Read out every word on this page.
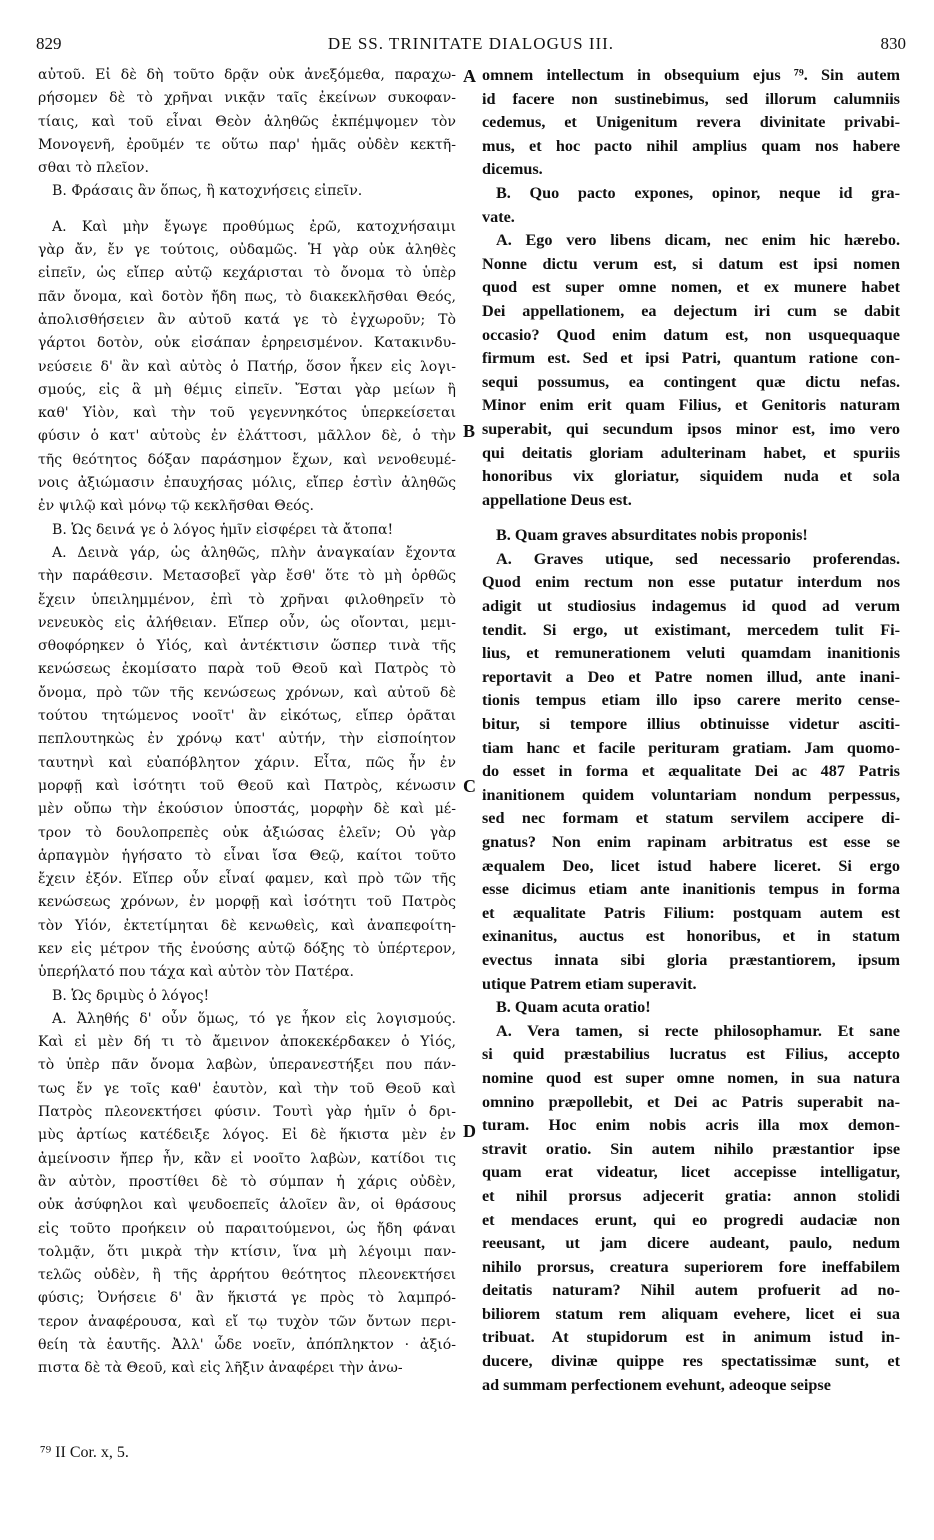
829	DE SS. TRINITATE DIALOGUS III.	830
αὐτοῦ. Εἰ δὲ δὴ τοῦτο δρᾷν οὐκ ἀνεξόμεθα, παραχω-
ρήσομεν δὲ τὸ χρῆναι νικᾷν ταῖς ἐκείνων συκοφαν-
τίαις, καὶ τοῦ εἶναι Θεὸν ἀληθῶς ἐκπέμψομεν τὸν
Μονογενῆ, ἐροῦμέν τε οὕτω παρ' ἡμᾶς οὐδὲν κεκτῆ-
σθαι τὸ πλεῖον.
Β. Φράσαις ἂν ὅπως, ἢ κατοχνήσεις εἰπεῖν.
Α. Καὶ μὴν ἔγωγε προθύμως ἐρῶ, κατοχνήσαιμι
γὰρ ἄν, ἔν γε τούτοις, οὐδαμῶς. Ἡ γὰρ οὐκ ἀληθὲς
εἰπεῖν, ὡς εἴπερ αὐτῷ κεχάρισται τὸ ὄνομα τὸ ὑπὲρ
πᾶν ὄνομα, καὶ δοτὸν ἤδη πως, τὸ διακεκλῆσθαι Θεός,
ἀπολισθήσειεν ἂν αὐτοῦ κατά γε τὸ ἐγχωροῦν; Τὸ
γάρτοι δοτὸν, οὐκ εἰσάπαν ἐρηρεισμένον. Κατακινδυ-
νεύσειε δ' ἂν καὶ αὐτὸς ὁ Πατήρ, ὅσον ἦκεν εἰς λογι-
σμούς, εἰς ἃ μὴ θέμις εἰπεῖν. Ἔσται γὰρ μείων ἢ
καθ' Υἱὸν, καὶ τὴν τοῦ γεγεννηκότος ὑπερκείσεται
φύσιν ὁ κατ' αὐτοὺς ἐν ἐλάττοσι, μᾶλλον δὲ, ὁ τὴν
τῆς θεότητος δόξαν παράσημον ἔχων, καὶ νενοθευμέ-
νοις ἀξιώμασιν ἐπαυχήσας μόλις, εἴπερ ἐστὶν ἀληθῶς
ἐν ψιλῷ καὶ μόνῳ τῷ κεκλῆσθαι Θεός.
Β. Ὡς δεινά γε ὁ λόγος ἡμῖν εἰσφέρει τὰ ἄτοπα!
Α. Δεινὰ γάρ, ὡς ἀληθῶς, πλὴν ἀναγκαίαν ἔχοντα
τὴν παράθεσιν. Μετασοβεῖ γὰρ ἔσθ' ὅτε τὸ μὴ ὀρθῶς
ἔχειν ὑπειλημμένον, ἐπὶ τὸ χρῆναι φιλοθηρεῖν τὸ
νενευκὸς εἰς ἀλήθειαν. Εἴπερ οὖν, ὡς οἴονται, μεμι-
σθοφόρηκεν ὁ Υἱός, καὶ ἀντέκτισιν ὥσπερ τινὰ τῆς
κενώσεως ἐκομίσατο παρὰ τοῦ Θεοῦ καὶ Πατρὸς τὸ
ὄνομα, πρὸ τῶν τῆς κενώσεως χρόνων, καὶ αὐτοῦ δὲ
τούτου τητώμενος νοοῖτ' ἂν εἰκότως, εἴπερ ὁρᾶται
πεπλουτηκὼς ἐν χρόνῳ κατ' αὐτήν, τὴν εἰσποίητον
ταυτηνὶ καὶ εὐαπόβλητον χάριν. Εἶτα, πῶς ἦν ἐν
μορφῇ καὶ ἰσότητι τοῦ Θεοῦ καὶ Πατρὸς, κένωσιν
μὲν οὔπω τὴν ἑκούσιον ὑποστάς, μορφὴν δὲ καὶ μέ-
τρον τὸ δουλοπρεπὲς οὐκ ἀξιώσας ἑλεῖν; Οὐ γὰρ
ἁρπαγμὸν ἡγήσατο τὸ εἶναι ἴσα Θεῷ, καίτοι τοῦτο
ἔχειν ἐξόν. Εἴπερ οὖν εἶναί φαμεν, καὶ πρὸ τῶν τῆς
κενώσεως χρόνων, ἐν μορφῇ καὶ ἰσότητι τοῦ Πατρὸς
τὸν Υἱόν, ἐκτετίμηται δὲ κενωθεὶς, καὶ ἀναπεφοίτη-
κεν εἰς μέτρον τῆς ἐνούσης αὐτῷ δόξης τὸ ὑπέρτερον,
ὑπερήλατό που τάχα καὶ αὐτὸν τὸν Πατέρα.
Β. Ὡς δριμὺς ὁ λόγος!
Α. Ἀληθής δ' οὖν ὅμως, τό γε ἧκον εἰς λογισμούς.
Καὶ εἰ μὲν δή τι τὸ ἄμεινον ἀποκεκέρδακεν ὁ Υἱός,
τὸ ὑπὲρ πᾶν ὄνομα λαβὼν, ὑπερανεστήξει που πάν-
τως ἔν γε τοῖς καθ' ἑαυτὸν, καὶ τὴν τοῦ Θεοῦ καὶ
Πατρὸς πλεονεκτήσει φύσιν. Τουτὶ γὰρ ἡμῖν ὁ δρι-
μὺς ἀρτίως κατέδειξε λόγος. Εἰ δὲ ἥκιστα μὲν ἐν
ἀμείνοσιν ἤπερ ἦν, κἂν εἰ νοοῖτο λαβὼν, κατίδοι τις
ἂν αὐτὸν, προστίθει δὲ τὸ σύμπαν ἡ χάρις οὐδὲν,
οὐκ ἀσύφηλοι καὶ ψευδοεπεῖς ἁλοῖεν ἂν, οἱ θράσους
εἰς τοῦτο προήκειν οὐ παραιτούμενοι, ὡς ἤδη φάναι
τολμᾷν, ὅτι μικρὰ τὴν κτίσιν, ἵνα μὴ λέγοιμι παν-
τελῶς οὐδὲν, ἢ τῆς ἀρρήτου θεότητος πλεονεκτήσει
φύσις; Ὀνήσειε δ' ἂν ἥκιστά γε πρὸς τὸ λαμπρό-
τερον ἀναφέρουσα, καὶ εἴ τῳ τυχὸν τῶν ὄντων περι-
θείη τὰ ἑαυτῆς. Ἀλλ' ὧδε νοεῖν, ἀπόπληκτον · ἀξιό-
πιστα δὲ τὰ Θεοῦ, καὶ εἰς λῆξιν ἀναφέρει τὴν ἀνω-
omnem intellectum in obsequium ejus ⁷⁹. Sin autem
id facere non sustinebimus, sed illorum calumniis
cedemus, et Unigenitum revera divinitate privabi-
mus, et hoc pacto nihil amplius quam nos habere
dicemus.
B. Quo pacto expones, opinor, neque id gra-
vate.
A. Ego vero libens dicam, nec enim hic hærebo.
Nonne dictu verum est, si datum est ipsi nomen
quod est super omne nomen, et ex munere habet
Dei appellationem, ea dejectum iri cum se dabit
occasio? Quod enim datum est, non usquequaque
firmum est. Sed et ipsi Patri, quantum ratione con-
sequi possumus, ea contingent quæ dictu nefas.
Minor enim erit quam Filius, et Genitoris naturam
superabit, qui secundum ipsos minor est, imo vero
qui deitatis gloriam adulterinam habet, et spuriis
honoribus vix gloriatur, siquidem nuda et sola
appellatione Deus est.
B. Quam graves absurditates nobis proponis!
A. Graves utique, sed necessario proferendas.
Quod enim rectum non esse putatur interdum nos
adigit ut studiosius indagemus id quod ad verum
tendit. Si ergo, ut existimant, mercedem tulit Fi-
lius, et remunerationem veluti quamdam inanitionis
reportavit a Deo et Patre nomen illud, ante inani-
tionis tempus etiam illo ipso carere merito cense-
bitur, si tempore illius obtinuisse videtur asciti-
tiam hanc et facile perituram gratiam. Jam quomo-
do esset in forma et æqualitate Dei ac 487 Patris
inanitionem quidem voluntariam nondum perpessus,
sed nec formam et statum servilem accipere di-
gnatus? Non enim rapinam arbitratus est esse se
æqualem Deo, licet istud habere liceret. Si ergo
esse dicimus etiam ante inanitionis tempus in forma
et æqualitate Patris Filium: postquam autem est
exinanitus, auctus est honoribus, et in statum
evectus innata sibi gloria præstantiorem, ipsum
utique Patrem etiam superavit.
B. Quam acuta oratio!
A. Vera tamen, si recte philosophamur. Et sane
si quid præstabilius lucratus est Filius, accepto
nomine quod est super omne nomen, in sua natura
omnino præpollebit, et Dei ac Patris superabit na-
turam. Hoc enim nobis acris illa mox demon-
stravit oratio. Sin autem nihilo præstantior ipse
quam erat videatur, licet accepisse intelligatur,
et nihil prorsus adjecerit gratia: annon stolidi
et mendaces erunt, qui eo progredi audaciæ non
reeusant, ut jam dicere audeant, paulo, nedum
nihilo prorsus, creatura superiorem fore ineffabilem
deitatis naturam? Nihil autem profuerit ad no-
biliorem statum rem aliquam evehere, licet ei sua
tribuat. At stupidorum est in animum istud in-
ducere, divinæ quippe res spectatissimæ sunt, et
ad summam perfectionem evehunt, adeoque seipse
A
B
C
D
⁷⁹ II Cor. x, 5.
